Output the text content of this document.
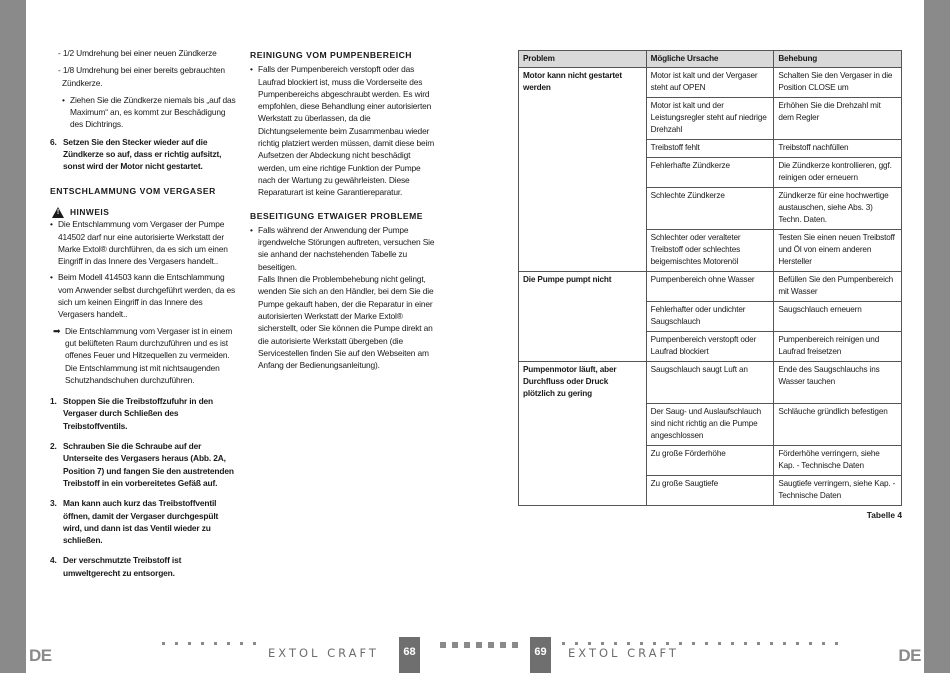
- 1/2 Umdrehung bei einer neuen Zündkerze
- 1/8 Umdrehung bei einer bereits gebrauchten Zündkerze.
• Ziehen Sie die Zündkerze niemals bis „auf das Maximum“ an, es kommt zur Beschädigung des Dichtrings.
6. Setzen Sie den Stecker wieder auf die Zündkerze so auf, dass er richtig aufsitzt, sonst wird der Motor nicht gestartet.
ENTSCHLAMMUNG VOM VERGASER
! HINWEIS
• Die Entschlammung vom Vergaser der Pumpe 414502 darf nur eine autorisierte Werkstatt der Marke Extol® durchführen, da es sich um einen Eingriff in das Innere des Vergasers handelt..
• Beim Modell 414503 kann die Entschlammung vom Anwender selbst durchgeführt werden, da es sich um keinen Eingriff in das Innere des Vergasers handelt..
➡ Die Entschlammung vom Vergaser ist in einem gut belüfteten Raum durchzuführen und es ist offenes Feuer und Hitzequellen zu vermeiden. Die Entschlammung ist mit nichtsaugenden Schutzhandschuhen durchzuführen.
1. Stoppen Sie die Treibstoffzufuhr in den Vergaser durch Schließen des Treibstoffventils.
2. Schrauben Sie die Schraube auf der Unterseite des Vergasers heraus (Abb. 2A, Position 7) und fangen Sie den austretenden Treibstoff in ein vorbereitetes Gefäß auf.
3. Man kann auch kurz das Treibstoffventil öffnen, damit der Vergaser durchgespült wird, und dann ist das Ventil wieder zu schließen.
4. Der verschmutzte Treibstoff ist umweltgerecht zu entsorgen.
REINIGUNG VOM PUMPENBEREICH
• Falls der Pumpenbereich verstopft oder das Laufrad blockiert ist, muss die Vorderseite des Pumpenbereichs abgeschraubt werden. Es wird empfohlen, diese Behandlung einer autorisierten Werkstatt zu überlassen, da die Dichtungselemente beim Zusammenbau wieder richtig platziert werden müssen, damit diese beim Aufsetzen der Abdeckung nicht beschädigt werden, um eine richtige Funktion der Pumpe nach der Wartung zu gewährleisten. Diese Reparaturart ist keine Garantiereparatur.
BESEITIGUNG ETWAIGER PROBLEME
• Falls während der Anwendung der Pumpe irgendwelche Störungen auftreten, versuchen Sie sie anhand der nachstehenden Tabelle zu beseitigen.
Falls Ihnen die Problembehebung nicht gelingt, wenden Sie sich an den Händler, bei dem Sie die Pumpe gekauft haben, der die Reparatur in einer autorisierten Werkstatt der Marke Extol® sicherstellt, oder Sie können die Pumpe direkt an die autorisierte Werkstatt übergeben (die Servicestellen finden Sie auf den Webseiten am Anfang der Bedienungsanleitung).
Problem	Mögliche Ursache	Behebung
Motor kann nicht gestartet werden	Motor ist kalt und der Vergaser steht auf OPEN	Schalten Sie den Vergaser in die Position CLOSE um
	Motor ist kalt und der Leistungsregler steht auf niedrige Drehzahl	Erhöhen Sie die Drehzahl mit dem Regler
	Treibstoff fehlt	Treibstoff nachfüllen
	Fehlerhafte Zündkerze	Die Zündkerze kontrollieren, ggf. reinigen oder erneuern
	Schlechte Zündkerze	Zündkerze für eine hochwertige austauschen, siehe Abs. 3) Techn. Daten.
	Schlechter oder veralteter Treibstoff oder schlechtes beigemischtes Motorenöl	Testen Sie einen neuen Treibstoff und Öl von einem anderen Hersteller
Die Pumpe pumpt nicht	Pumpenbereich ohne Wasser	Befüllen Sie den Pumpenbereich mit Wasser
	Fehlerhafter oder undichter Saugschlauch	Saugschlauch erneuern
	Pumpenbereich verstopft oder Laufrad blockiert	Pumpenbereich reinigen und Laufrad freisetzen
Pumpenmotor läuft, aber Durchfluss oder Druck plötzlich zu gering	Saugschlauch saugt Luft an	Ende des Saugschlauchs ins Wasser tauchen
	Der Saug- und Auslaufschlauch sind nicht richtig an die Pumpe angeschlossen	Schläuche gründlich befestigen
	Zu große Förderhöhe	Förderhöhe verringern, siehe Kap. - Technische Daten
	Zu große Saugtiefe	Saugtiefe verringern, siehe Kap. - Technische Daten
Tabelle 4
DE	DE
EXTOL CRAFT	68	69	EXTOL CRAFT
